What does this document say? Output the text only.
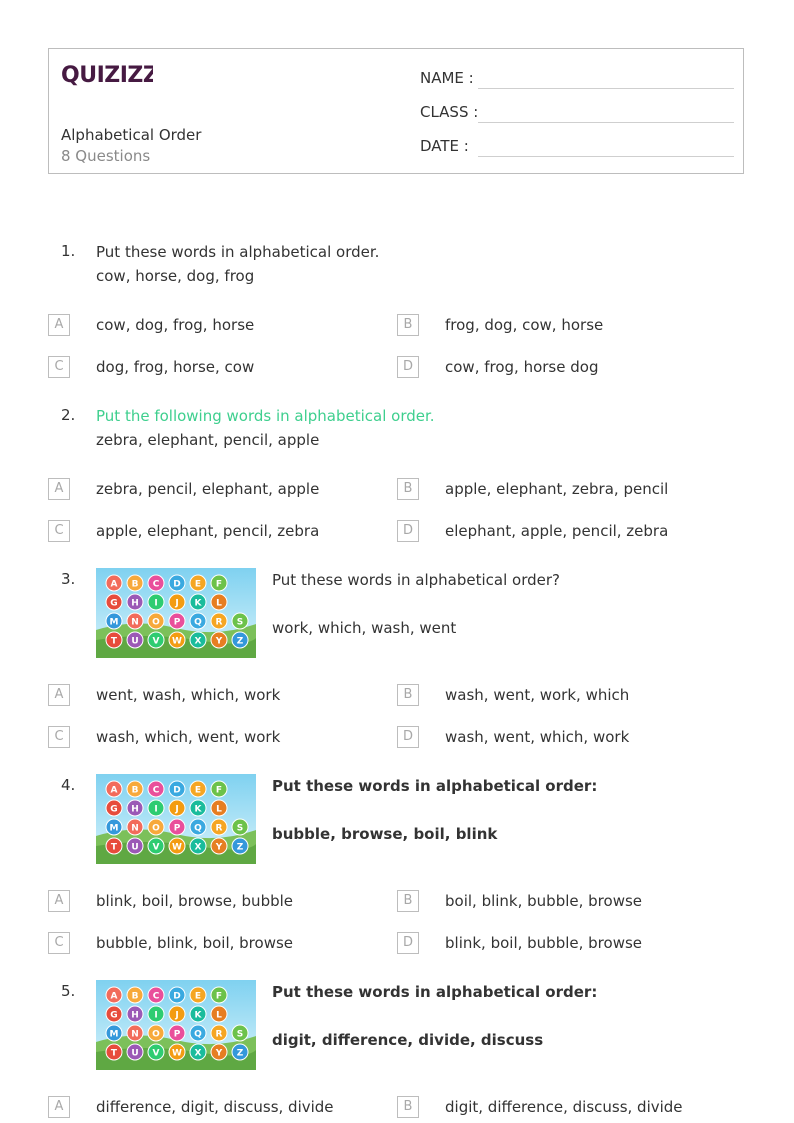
QUIZIZZ
Alphabetical Order
8 Questions
NAME :
CLASS :
DATE :
1. Put these words in alphabetical order.
cow, horse, dog, frog
A	cow, dog, frog, horse	B	frog, dog, cow, horse
C	dog, frog, horse, cow	D	cow, frog, horse dog
2. Put the following words in alphabetical order.
zebra, elephant, pencil, apple
A	zebra, pencil, elephant, apple	B	apple, elephant, zebra, pencil
C	apple, elephant, pencil, zebra	D	elephant, apple, pencil, zebra
3.	A B C D E F
G H I J K L
M N O P Q R S
T U V W X Y Z
Put these words in alphabetical order?
work, which, wash, went
A	went, wash, which, work	B	wash, went, work, which
C	wash, which, went, work	D	wash, went, which, work
4.	A B C D E F
G H I J K L
M N O P Q R S
T U V W X Y Z
Put these words in alphabetical order:
bubble, browse, boil, blink
A	blink, boil, browse, bubble	B	boil, blink, bubble, browse
C	bubble, blink, boil, browse	D	blink, boil, bubble, browse
5.	A B C D E F
G H I J K L
M N O P Q R S
T U V W X Y Z
Put these words in alphabetical order:
digit, difference, divide, discuss
A	difference, digit, discuss, divide	B	digit, difference, discuss, divide
